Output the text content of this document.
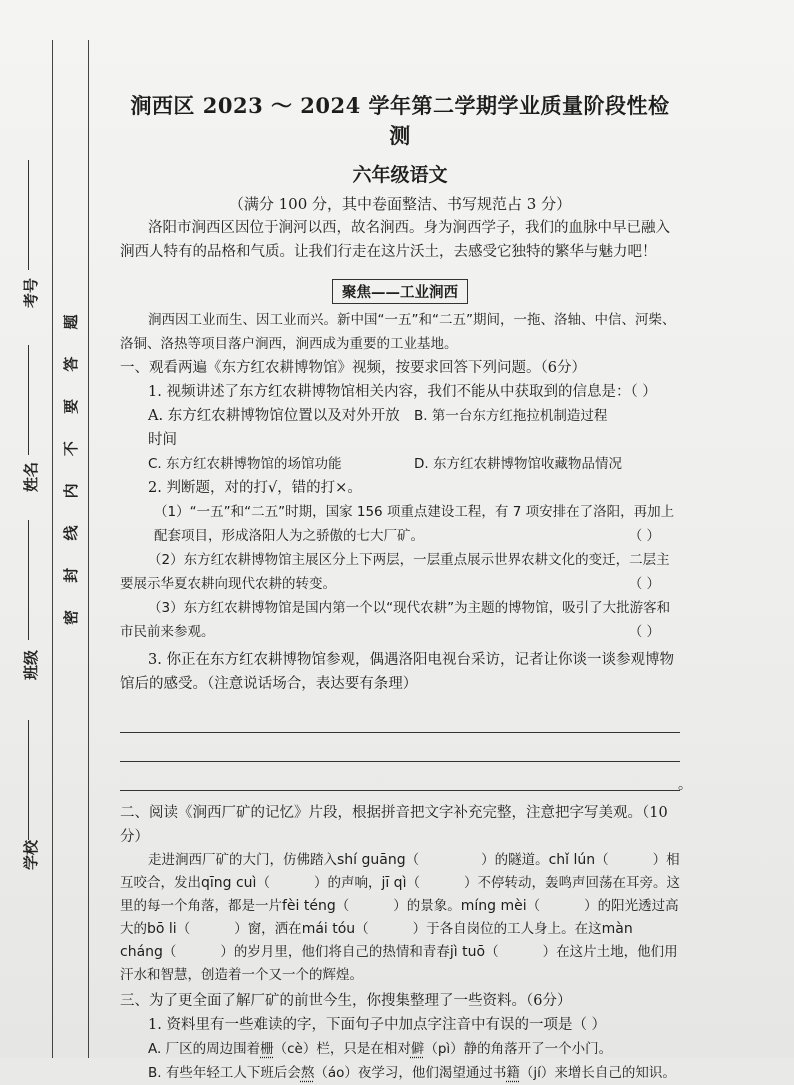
考号
姓名
班级
学校
密 封 线 内 不 要 答 题
涧西区 2023 ～ 2024 学年第二学期学业质量阶段性检测
六年级语文
（满分 100 分，其中卷面整洁、书写规范占 3 分）

洛阳市涧西区因位于涧河以西，故名涧西。身为涧西学子，我们的血脉中早已融入涧西人特有的品格和气质。让我们行走在这片沃土，去感受它独特的繁华与魅力吧！

聚焦——工业涧西

涧西因工业而生、因工业而兴。新中国“一五”和“二五”期间，一拖、洛轴、中信、河柴、洛铜、洛热等项目落户涧西，涧西成为重要的工业基地。

一、观看两遍《东方红农耕博物馆》视频，按要求回答下列问题。（6分）

1. 视频讲述了东方红农耕博物馆相关内容，我们不能从中获取到的信息是：（ ）

A. 东方红农耕博物馆位置以及对外开放时间
B. 第一台东方红拖拉机制造过程
C. 东方红农耕博物馆的场馆功能	D. 东方红农耕博物馆收藏物品情况

2. 判断题，对的打√，错的打×。

（1）“一五”和“二五”时期，国家 156 项重点建设工程，有 7 项安排在了洛阳，再加上配套项目，形成洛阳人为之骄傲的七大厂矿。	（ ）

（2）东方红农耕博物馆主展区分上下两层，一层重点展示世界农耕文化的变迁，二层主要展示华夏农耕向现代农耕的转变。	（ ）

（3）东方红农耕博物馆是国内第一个以“现代农耕”为主题的博物馆，吸引了大批游客和市民前来参观。	（ ）

3. 你正在东方红农耕博物馆参观，偶遇洛阳电视台采访，记者让你谈一谈参观博物馆后的感受。（注意说话场合，表达要有条理）

。

二、阅读《涧西厂矿的记忆》片段，根据拼音把文字补充完整，注意把字写美观。（10分）

走进涧西厂矿的大门，仿佛踏入shí guāng（	）的隧道。chǐ lún（	）相互咬合，发出qīng cuì（	）的声响，jī qì（	）不停转动，轰鸣声回荡在耳旁。这里的每一个角落，都是一片fèi téng（	）的景象。míng mèi（	）的阳光透过高大的bō li（	）窗，洒在mái tóu（	）于各自岗位的工人身上。在这màn cháng（	）的岁月里，他们将自己的热情和青春jì tuō（	）在这片土地，他们用汗水和智慧，创造着一个又一个的辉煌。

三、为了更全面了解厂矿的前世今生，你搜集整理了一些资料。（6分）

1. 资料里有一些难读的字，下面句子中加点字注音中有误的一项是（ ）

A. 厂区的周边围着栅（cè）栏，只是在相对僻（pì）静的角落开了一个小门。

B. 有些年轻工人下班后会熬（áo）夜学习，他们渴望通过书籍（jí）来增长自己的知识。
